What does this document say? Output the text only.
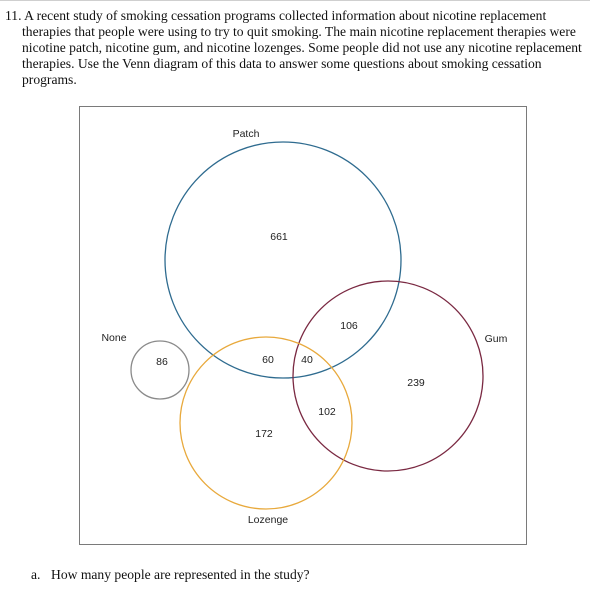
11. A recent study of smoking cessation programs collected information about nicotine replacement
therapies that people were using to try to quit smoking. The main nicotine replacement therapies were
nicotine patch, nicotine gum, and nicotine lozenges. Some people did not use any nicotine replacement
therapies. Use the Venn diagram of this data to answer some questions about smoking cessation
programs.
Patch
Gum
Lozenge
None
661
239
172
106
60	40
102
86
a. How many people are represented in the study?
